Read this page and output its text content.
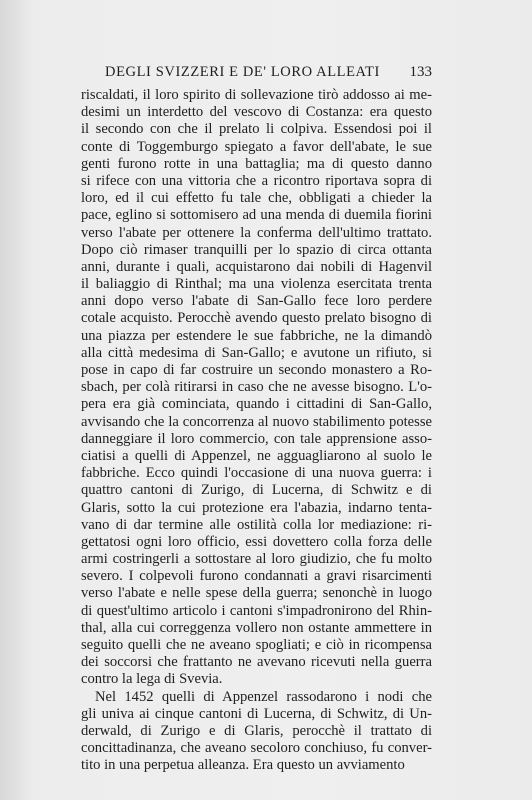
DEGLI SVIZZERI E DE' LORO ALLEATI 133
riscaldati, il loro spirito di sollevazione tirò addosso ai me-
desimi un interdetto del vescovo di Costanza: era questo
il secondo con che il prelato li colpiva. Essendosi poi il
conte di Toggemburgo spiegato a favor dell'abate, le sue
genti furono rotte in una battaglia; ma di questo danno
si rifece con una vittoria che a ricontro riportava sopra di
loro, ed il cui effetto fu tale che, obbligati a chieder la
pace, eglino si sottomisero ad una menda di duemila fiorini
verso l'abate per ottenere la conferma dell'ultimo trattato.
Dopo ciò rimaser tranquilli per lo spazio di circa ottanta
anni, durante i quali, acquistarono dai nobili di Hagenvil
il baliaggio di Rinthal; ma una violenza esercitata trenta
anni dopo verso l'abate di San-Gallo fece loro perdere
cotale acquisto. Perocchè avendo questo prelato bisogno di
una piazza per estendere le sue fabbriche, ne la dimandò
alla città medesima di San-Gallo; e avutone un rifiuto, si
pose in capo di far costruire un secondo monastero a Ro-
sbach, per colà ritirarsi in caso che ne avesse bisogno. L'o-
pera era già cominciata, quando i cittadini di San-Gallo,
avvisando che la concorrenza al nuovo stabilimento potesse
danneggiare il loro commercio, con tale apprensione asso-
ciatisi a quelli di Appenzel, ne agguagliarono al suolo le
fabbriche. Ecco quindi l'occasione di una nuova guerra: i
quattro cantoni di Zurigo, di Lucerna, di Schwitz e di
Glaris, sotto la cui protezione era l'abazia, indarno tenta-
vano di dar termine alle ostilità colla lor mediazione: ri-
gettatosi ogni loro officio, essi dovettero colla forza delle
armi costringerli a sottostare al loro giudizio, che fu molto
severo. I colpevoli furono condannati a gravi risarcimenti
verso l'abate e nelle spese della guerra; senonchè in luogo
di quest'ultimo articolo i cantoni s'impadronirono del Rhin-
thal, alla cui correggenza vollero non ostante ammettere in
seguito quelli che ne aveano spogliati; e ciò in ricompensa
dei soccorsi che frattanto ne avevano ricevuti nella guerra
contro la lega di Svevia.
Nel 1452 quelli di Appenzel rassodarono i nodi che
gli univa ai cinque cantoni di Lucerna, di Schwitz, di Un-
derwald, di Zurigo e di Glaris, perocchè il trattato di
concittadinanza, che aveano secoloro conchiuso, fu conver-
tito in una perpetua alleanza. Era questo un avviamento
